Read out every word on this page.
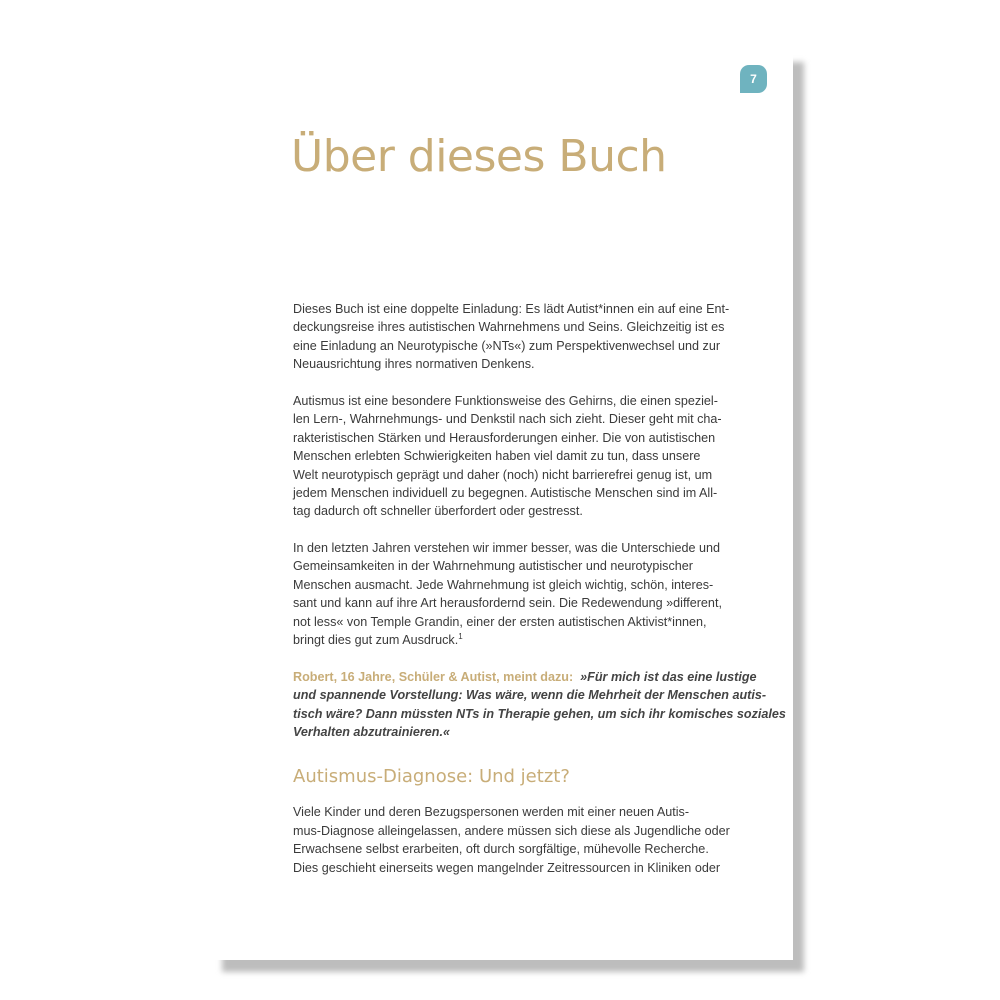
7
Über dieses Buch

Dieses Buch ist eine doppelte Einladung: Es lädt Autist*innen ein auf eine Ent-
deckungsreise ihres autistischen Wahrnehmens und Seins. Gleichzeitig ist es
eine Einladung an Neurotypische (»NTs«) zum Perspektivenwechsel und zur
Neuausrichtung ihres normativen Denkens.

Autismus ist eine besondere Funktionsweise des Gehirns, die einen speziel-
len Lern-, Wahrnehmungs- und Denkstil nach sich zieht. Dieser geht mit cha-
rakteristischen Stärken und Herausforderungen einher. Die von autistischen
Menschen erlebten Schwierigkeiten haben viel damit zu tun, dass unsere
Welt neurotypisch geprägt und daher (noch) nicht barrierefrei genug ist, um
jedem Menschen individuell zu begegnen. Autistische Menschen sind im All-
tag dadurch oft schneller überfordert oder gestresst.

In den letzten Jahren verstehen wir immer besser, was die Unterschiede und
Gemeinsamkeiten in der Wahrnehmung autistischer und neurotypischer
Menschen ausmacht. Jede Wahrnehmung ist gleich wichtig, schön, interes-
sant und kann auf ihre Art herausfordernd sein. Die Redewendung »different,
not less« von Temple Grandin, einer der ersten autistischen Aktivist*innen,
bringt dies gut zum Ausdruck.$^1$

Robert, 16 Jahre, Schüler & Autist, meint dazu: »Für mich ist das eine lustige
und spannende Vorstellung: Was wäre, wenn die Mehrheit der Menschen autis-
tisch wäre? Dann müssten NTs in Therapie gehen, um sich ihr komisches soziales
Verhalten abzutrainieren.«
Autismus-Diagnose: Und jetzt?

Viele Kinder und deren Bezugspersonen werden mit einer neuen Autis-
mus-Diagnose alleingelassen, andere müssen sich diese als Jugendliche oder
Erwachsene selbst erarbeiten, oft durch sorgfältige, mühevolle Recherche.
Dies geschieht einerseits wegen mangelnder Zeitressourcen in Kliniken oder
